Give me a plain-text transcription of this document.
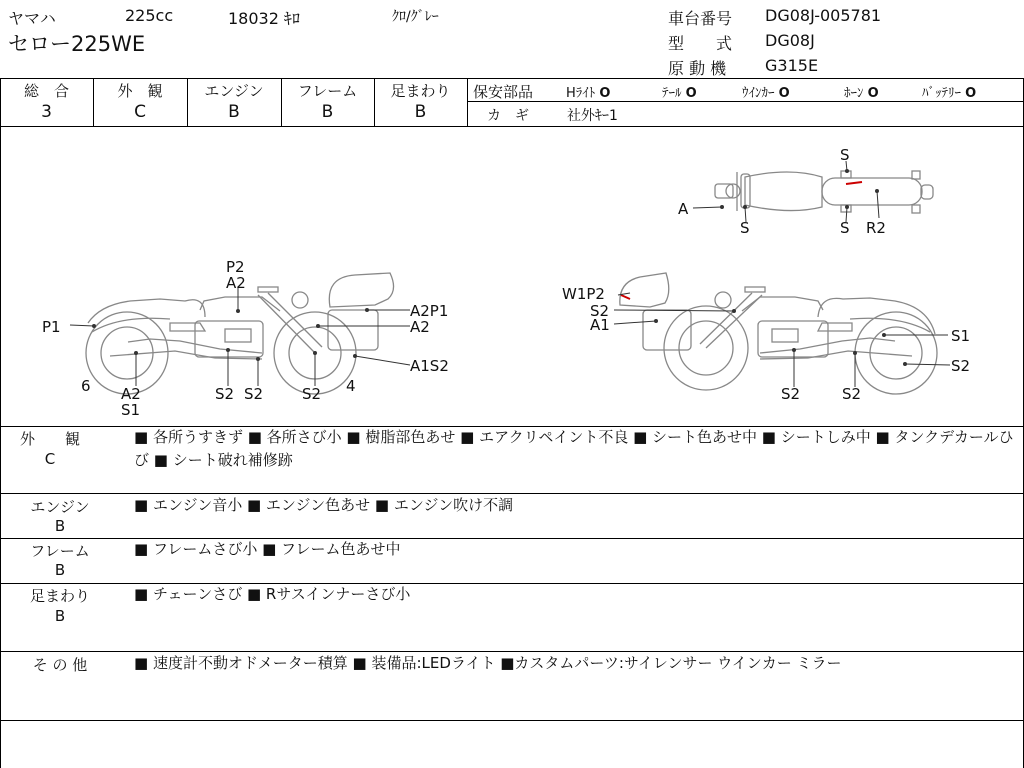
ヤマハ	225cc	18032 ｷﾛ	ｸﾛ/ｸﾞﾚｰ
セロー225WE
車台番号 DG08J-005781
型　　式 DG08J
原 動 機 G315E
総　合
3
外　観
C
エンジン
B
フレーム
B
足まわり
B
保安部品	Hﾗｲﾄ O	ﾃｰﾙ O	ｳｲﾝｶｰ O	ﾎｰﾝ O	ﾊﾞｯﾃﾘｰ O
カ　ギ	社外ｷｰ1
S
A
S	S R2
P2
A2
P1
A2P1
A2
A1S2
6 A2
S1
S2 S2	S2 4
W1P2
S2
A1
S1
S2
S2	S2
外　　観
C
■ 各所うすきず ■ 各所さび小 ■ 樹脂部色あせ ■ エアクリペイント不良 ■ シート色あせ中 ■ シートしみ中 ■ タンクデカールひび ■ シート破れ補修跡
エンジン
B
■ エンジン音小 ■ エンジン色あせ ■ エンジン吹け不調
フレーム
B
■ フレームさび小 ■ フレーム色あせ中
足まわり
B
■ チェーンさび ■ Rサスインナーさび小
そ の 他	■ 速度計不動オドメーター積算 ■ 装備品:LEDライト ■カスタムパーツ:サイレンサー ウインカー ミラー
